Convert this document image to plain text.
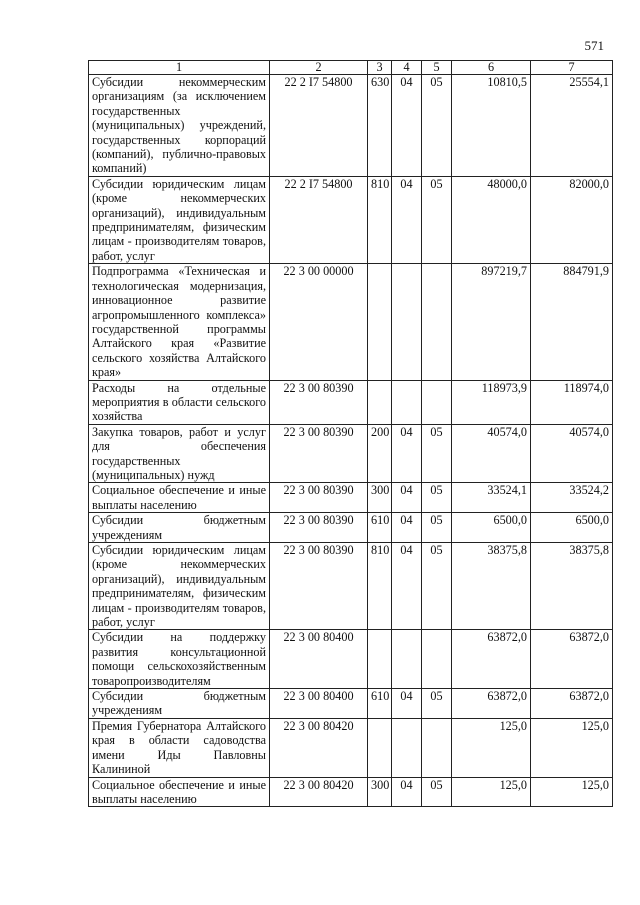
571
1	2	3	4	5	6	7
Субсидии некоммерческим организациям (за исключением государственных (муниципальных) учреждений, государственных корпораций (компаний), публично-правовых компаний)	22 2 I7 54800	630	04	05	10810,5	25554,1
Субсидии юридическим лицам (кроме некоммерческих организаций), индивидуальным предпринимателям, физическим лицам - производителям товаров, работ, услуг	22 2 I7 54800	810	04	05	48000,0	82000,0
Подпрограмма «Техническая и технологическая модернизация, инновационное развитие агропромышленного комплекса» государственной программы Алтайского края «Развитие сельского хозяйства Алтайского края»	22 3 00 00000				897219,7	884791,9
Расходы на отдельные мероприятия в области сельского хозяйства	22 3 00 80390				118973,9	118974,0
Закупка товаров, работ и услуг для обеспечения государственных (муниципальных) нужд	22 3 00 80390	200	04	05	40574,0	40574,0
Социальное обеспечение и иные выплаты населению	22 3 00 80390	300	04	05	33524,1	33524,2
Субсидии бюджетным учреждениям	22 3 00 80390	610	04	05	6500,0	6500,0
Субсидии юридическим лицам (кроме некоммерческих организаций), индивидуальным предпринимателям, физическим лицам - производителям товаров, работ, услуг	22 3 00 80390	810	04	05	38375,8	38375,8
Субсидии на поддержку развития консультационной помощи сельскохозяйственным товаропроизводителям	22 3 00 80400				63872,0	63872,0
Субсидии бюджетным учреждениям	22 3 00 80400	610	04	05	63872,0	63872,0
Премия Губернатора Алтайского края в области садоводства имени Иды Павловны Калининой	22 3 00 80420				125,0	125,0
Социальное обеспечение и иные выплаты населению	22 3 00 80420	300	04	05	125,0	125,0
